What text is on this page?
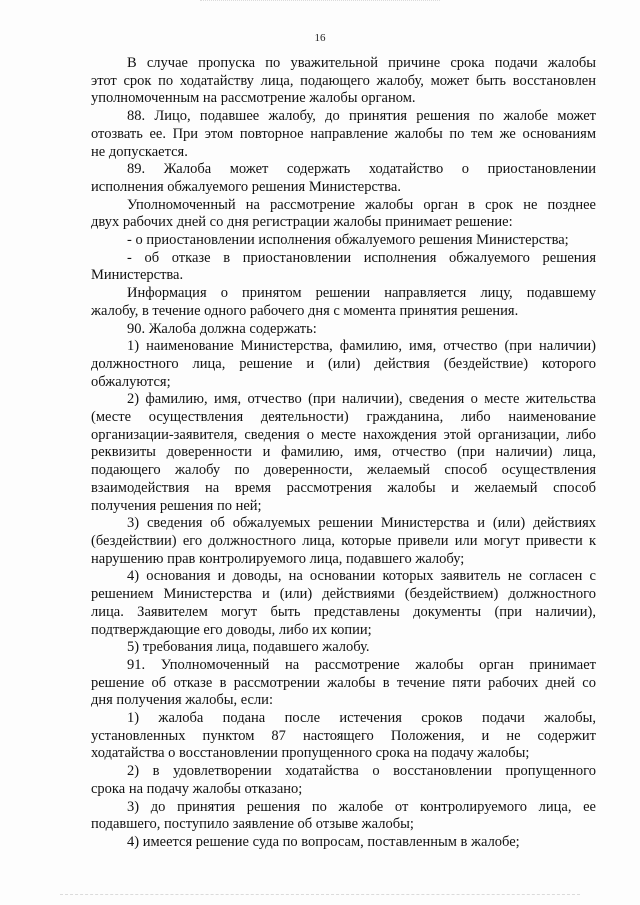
16
В случае пропуска по уважительной причине срока подачи жалобы
этот срок по ходатайству лица, подающего жалобу, может быть восстановлен
уполномоченным на рассмотрение жалобы органом.
88. Лицо, подавшее жалобу, до принятия решения по жалобе может
отозвать ее. При этом повторное направление жалобы по тем же основаниям
не допускается.
89. Жалоба может содержать ходатайство о приостановлении
исполнения обжалуемого решения Министерства.
Уполномоченный на рассмотрение жалобы орган в срок не позднее
двух рабочих дней со дня регистрации жалобы принимает решение:
- о приостановлении исполнения обжалуемого решения Министерства;
- об отказе в приостановлении исполнения обжалуемого решения
Министерства.
Информация о принятом решении направляется лицу, подавшему
жалобу, в течение одного рабочего дня с момента принятия решения.
90. Жалоба должна содержать:
1) наименование Министерства, фамилию, имя, отчество (при наличии)
должностного лица, решение и (или) действия (бездействие) которого
обжалуются;
2) фамилию, имя, отчество (при наличии), сведения о месте жительства
(месте осуществления деятельности) гражданина, либо наименование
организации-заявителя, сведения о месте нахождения этой организации, либо
реквизиты доверенности и фамилию, имя, отчество (при наличии) лица,
подающего жалобу по доверенности, желаемый способ осуществления
взаимодействия на время рассмотрения жалобы и желаемый способ
получения решения по ней;
3) сведения об обжалуемых решении Министерства и (или) действиях
(бездействии) его должностного лица, которые привели или могут привести к
нарушению прав контролируемого лица, подавшего жалобу;
4) основания и доводы, на основании которых заявитель не согласен с
решением Министерства и (или) действиями (бездействием) должностного
лица. Заявителем могут быть представлены документы (при наличии),
подтверждающие его доводы, либо их копии;
5) требования лица, подавшего жалобу.
91. Уполномоченный на рассмотрение жалобы орган принимает
решение об отказе в рассмотрении жалобы в течение пяти рабочих дней со
дня получения жалобы, если:
1) жалоба подана после истечения сроков подачи жалобы,
установленных пунктом 87 настоящего Положения, и не содержит
ходатайства о восстановлении пропущенного срока на подачу жалобы;
2) в удовлетворении ходатайства о восстановлении пропущенного
срока на подачу жалобы отказано;
3) до принятия решения по жалобе от контролируемого лица, ее
подавшего, поступило заявление об отзыве жалобы;
4) имеется решение суда по вопросам, поставленным в жалобе;
